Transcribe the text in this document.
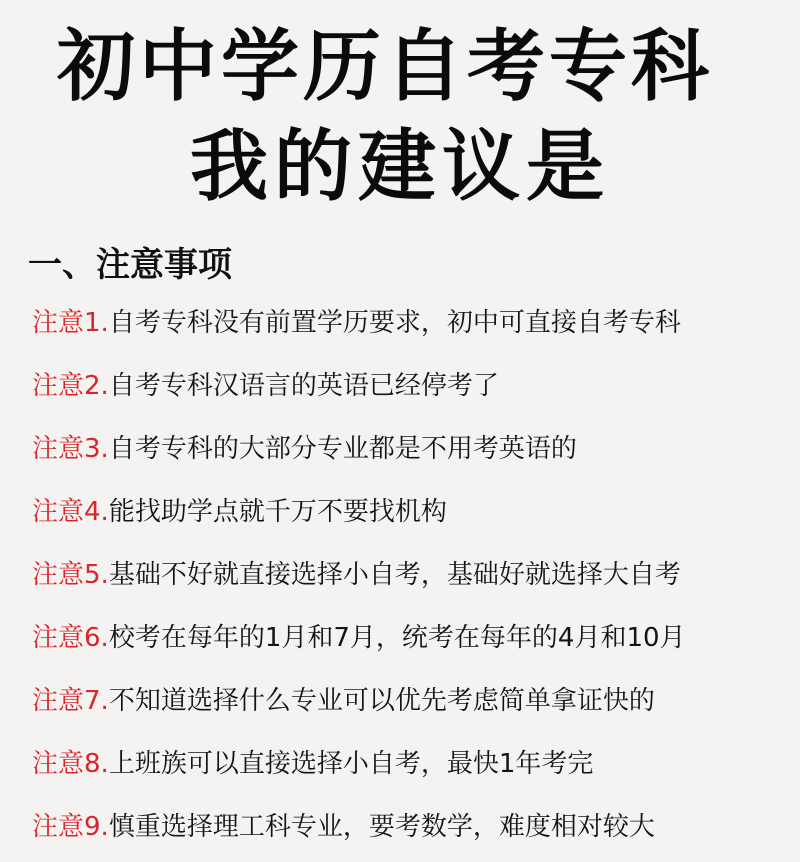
初中学历自考专科
我的建议是
一、注意事项
注意1.自考专科没有前置学历要求，初中可直接自考专科
注意2.自考专科汉语言的英语已经停考了
注意3.自考专科的大部分专业都是不用考英语的
注意4.能找助学点就千万不要找机构
注意5.基础不好就直接选择小自考，基础好就选择大自考
注意6.校考在每年的1月和7月，统考在每年的4月和10月
注意7.不知道选择什么专业可以优先考虑简单拿证快的
注意8.上班族可以直接选择小自考，最快1年考完
注意9.慎重选择理工科专业，要考数学，难度相对较大
